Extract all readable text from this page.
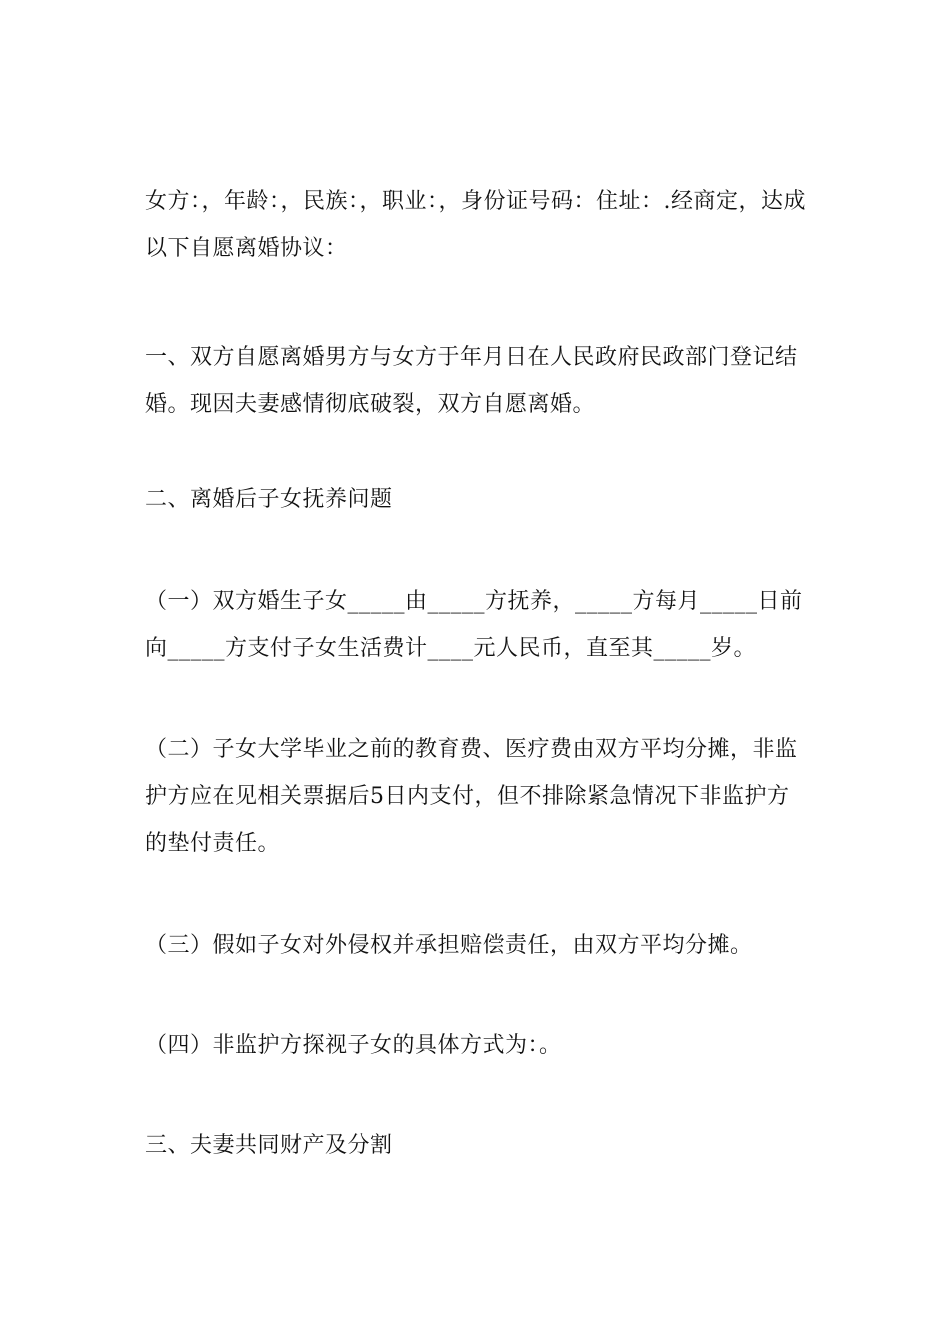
女方：，年龄：，民族：，职业：，身份证号码：住址：.经商定，达成以下自愿离婚协议：

一、双方自愿离婚男方与女方于年月日在人民政府民政部门登记结婚。现因夫妻感情彻底破裂，双方自愿离婚。

二、离婚后子女抚养问题

（一）双方婚生子女_____由_____方抚养，_____方每月_____日前向_____方支付子女生活费计____元人民币，直至其_____岁。

（二）子女大学毕业之前的教育费、医疗费由双方平均分摊，非监护方应在见相关票据后5日内支付，但不排除紧急情况下非监护方的垫付责任。

（三）假如子女对外侵权并承担赔偿责任，由双方平均分摊。

（四）非监护方探视子女的具体方式为：。

三、夫妻共同财产及分割
